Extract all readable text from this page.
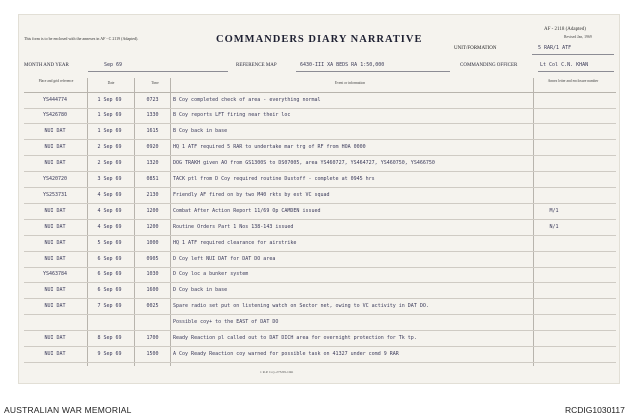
This form is to be enclosed with the annexes in AF - C 2119 (Adapted).	COMMANDERS DIARY NARRATIVE
AF - 2118 (Adapted)
Revised Jan, 1969
UNIT/FORMATION	5 RAR/1 ATF
MONTH AND YEAR	Sep 69	REFERENCE MAP	6430-III XA BEDS RA 1:50,000	COMMANDING OFFICER	Lt Col C.N. KHAN
Place and grid reference	Date	Time	Event or information	Annex letter and enclosure number
YS444774	1 Sep 69	0723	B Coy completed check of area - everything normal
YS426780	1 Sep 69	1330	B Coy reports LFT firing near their loc
NUI DAT	1 Sep 69	1615	B Coy back in base
NUI DAT	2 Sep 69	0920	HQ 1 ATF required 5 RAR to undertake mar trg of RF from HOA 0000
NUI DAT	2 Sep 69	1320	DOG TRAKH given AO from GS1300S to DS07005, area YS460727, YS464727, YS460750, YS466750
YS420720	3 Sep 69	0851	TACK ptl from D Coy required routine Dustoff - complete at 0945 hrs
YS253731	4 Sep 69	2130	Friendly AF fired on by two M40 rkts by est VC squad
NUI DAT	4 Sep 69	1200	Combat After Action Report 11/69 Op CAMDEN issued	M/1
NUI DAT	4 Sep 69	1200	Routine Orders Part 1 Nos 138-143 issued	N/1
NUI DAT	5 Sep 69	1000	HQ 1 ATF required clearance for airstrike
NUI DAT	6 Sep 69	0905	D Coy left NUI DAT for DAT DO area
YS463784	6 Sep 69	1030	D Coy loc a bunker system
NUI DAT	6 Sep 69	1600	D Coy back in base
NUI DAT	7 Sep 69	0025	Spare radio set put on listening watch on Sector net, owing to VC activity in DAT DO.
Possible coy+ to the EAST of DAT DO
NUI DAT	8 Sep 69	1700	Ready Reaction pl called out to DAT DICH area for overnight protection for Tk tp.
NUI DAT	9 Sep 69	1500	A Coy Ready Reaction coy warned for possible task on 41327 under comd 9 RAR
1 R.P. Coy-273/69-10m
AUSTRALIAN WAR MEMORIAL	RCDIG1030117
